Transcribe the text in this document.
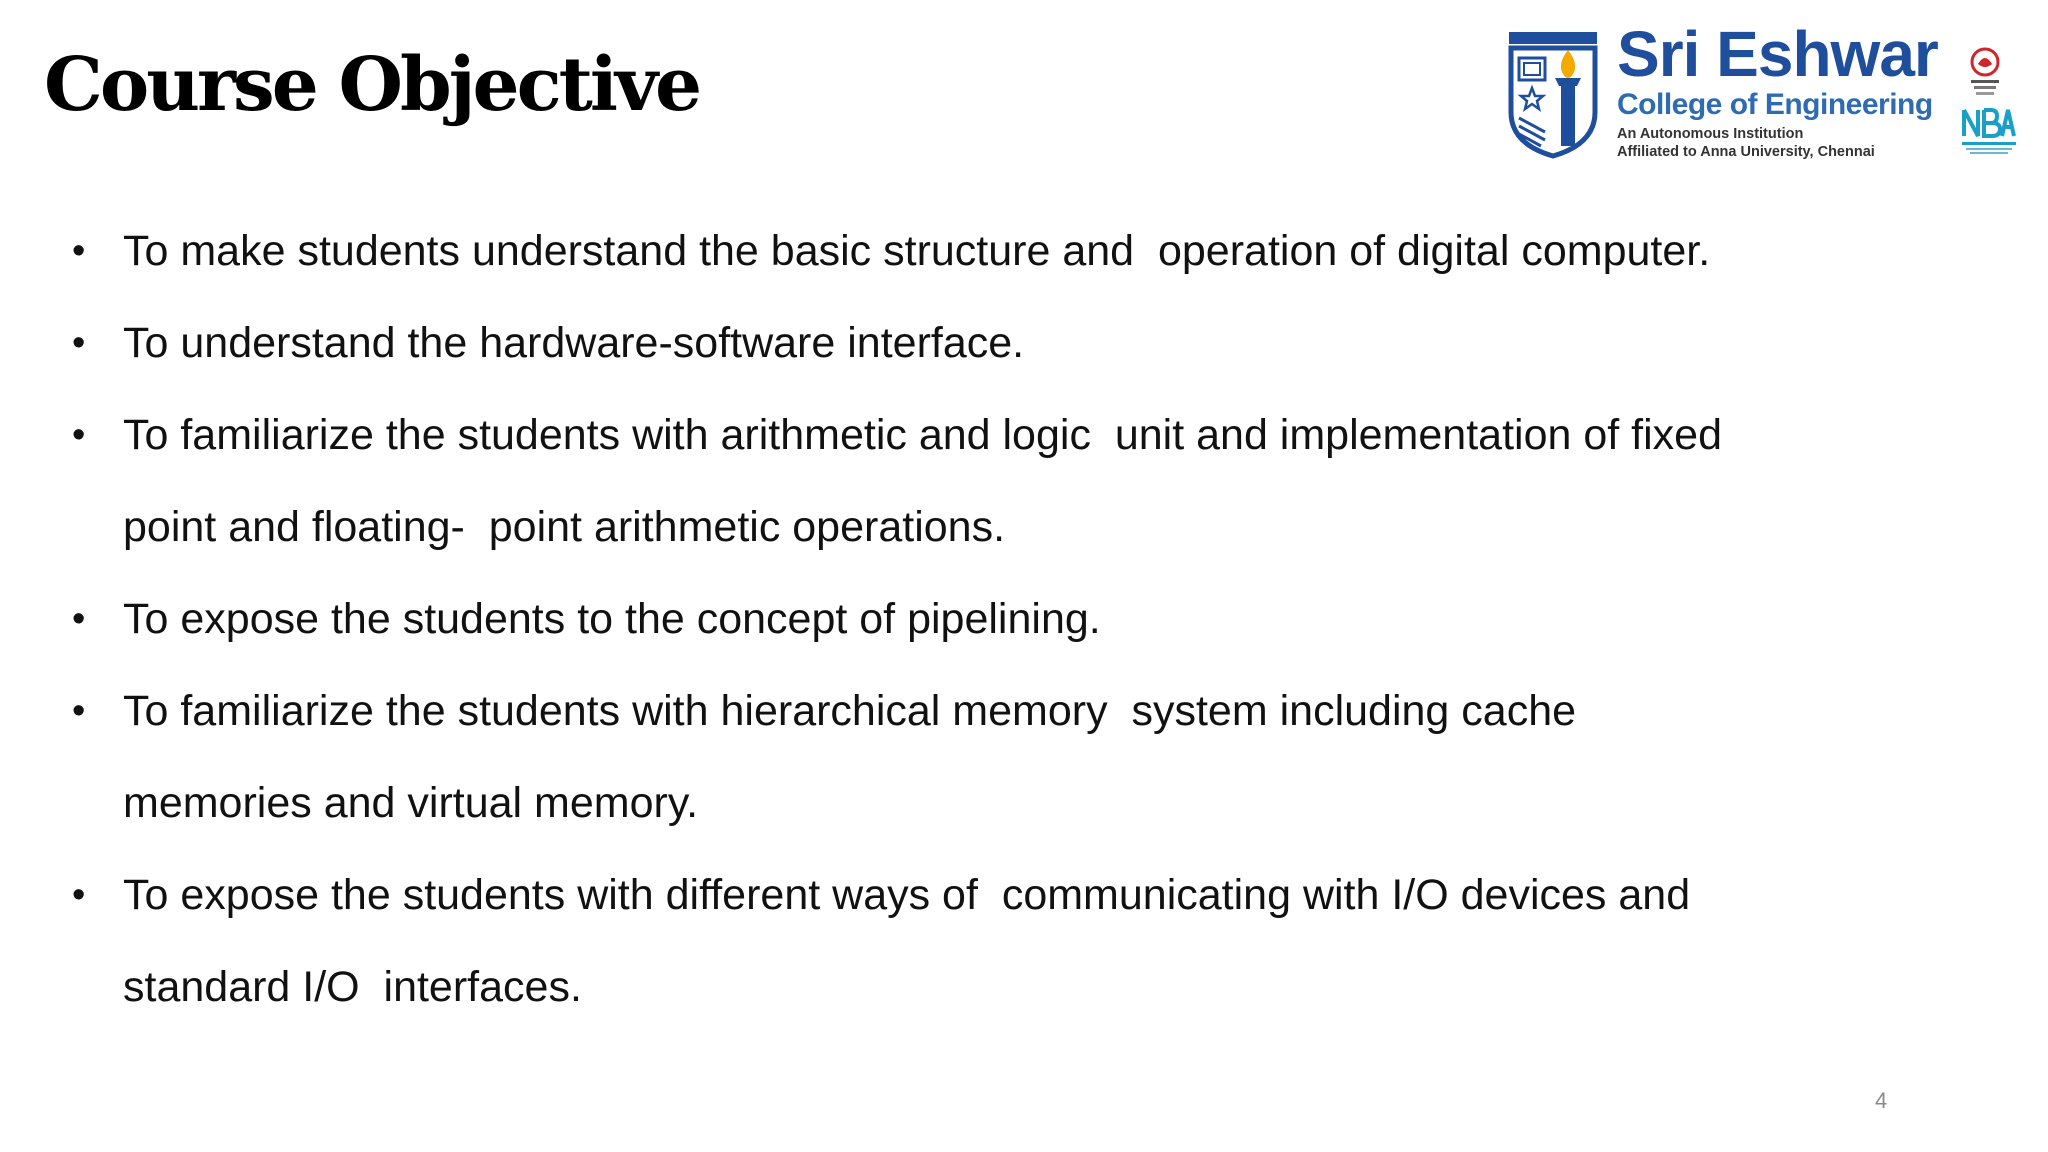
Course Objective	Sri Eshwar
College of Engineering
An Autonomous Institution
Affiliated to Anna University, Chennai
• To make students understand the basic structure and  operation of digital computer.
• To understand the hardware-software interface.
• To familiarize the students with arithmetic and logic  unit and implementation of fixed
point and floating-  point arithmetic operations.
• To expose the students to the concept of pipelining.
• To familiarize the students with hierarchical memory  system including cache
memories and virtual memory.
• To expose the students with different ways of  communicating with I/O devices and
standard I/O  interfaces.
4
